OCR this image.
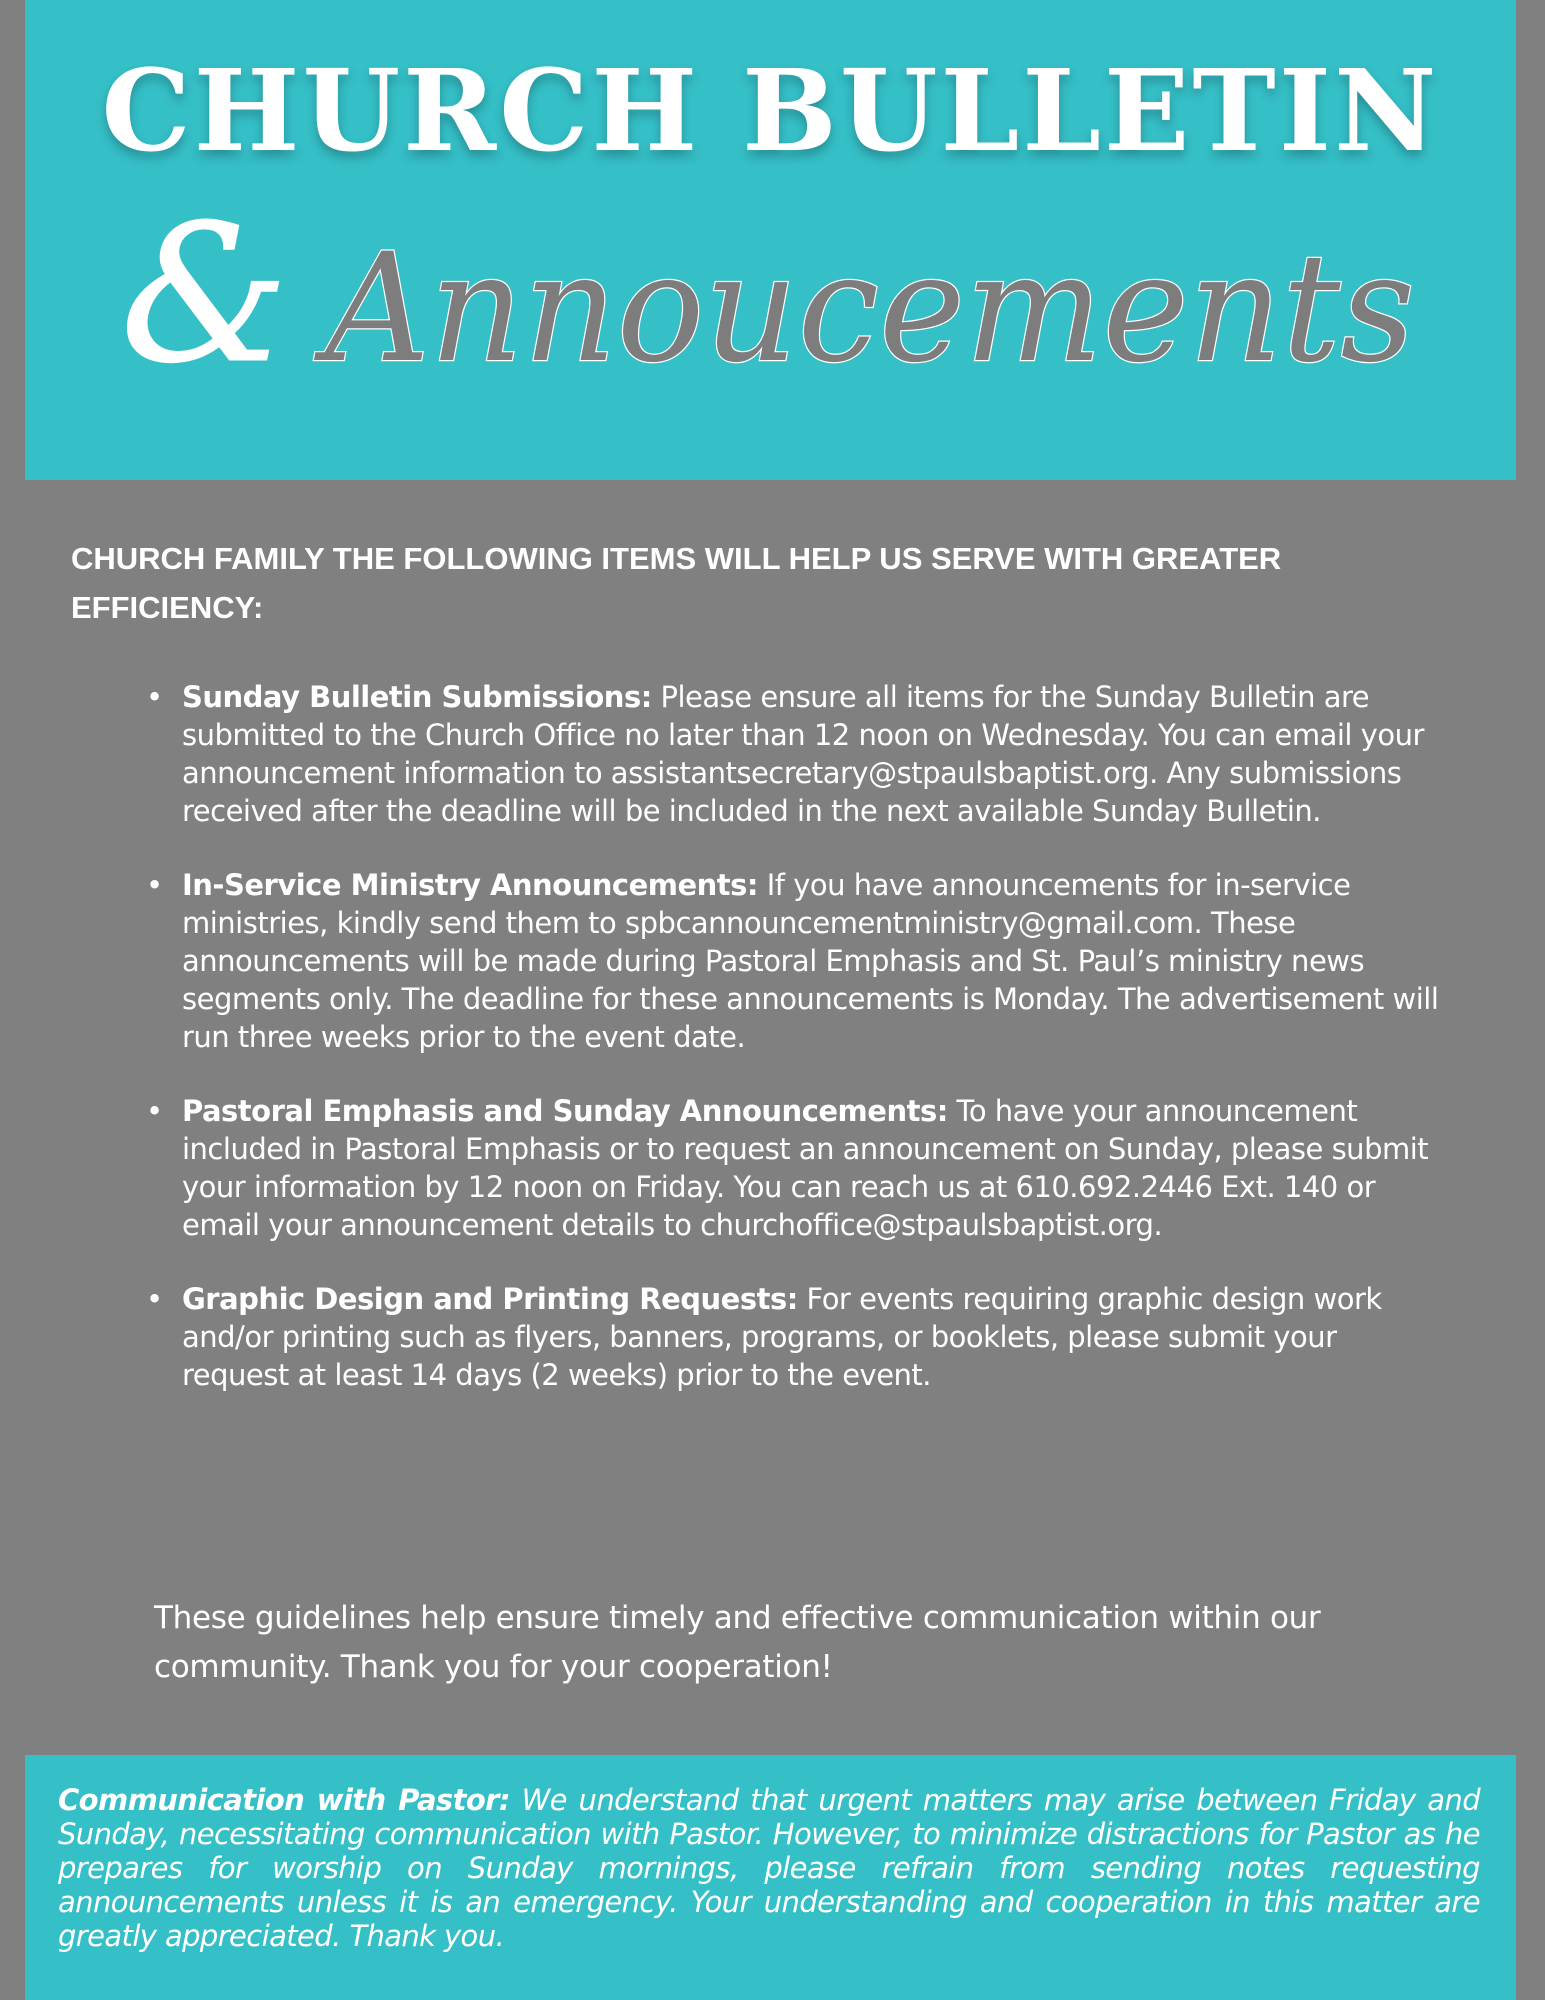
CHURCH BULLETIN
& Annoucements

CHURCH FAMILY THE FOLLOWING ITEMS WILL HELP US SERVE WITH GREATER EFFICIENCY:

• Sunday Bulletin Submissions: Please ensure all items for the Sunday Bulletin are submitted to the Church Office no later than 12 noon on Wednesday. You can email your announcement information to assistantsecretary@stpaulsbaptist.org. Any submissions received after the deadline will be included in the next available Sunday Bulletin.
• In-Service Ministry Announcements: If you have announcements for in-service ministries, kindly send them to spbcannouncementministry@gmail.com. These announcements will be made during Pastoral Emphasis and St. Paul’s ministry news segments only. The deadline for these announcements is Monday. The advertisement will run three weeks prior to the event date.
• Pastoral Emphasis and Sunday Announcements: To have your announcement included in Pastoral Emphasis or to request an announcement on Sunday, please submit your information by 12 noon on Friday. You can reach us at 610.692.2446 Ext. 140 or email your announcement details to churchoffice@stpaulsbaptist.org.
• Graphic Design and Printing Requests: For events requiring graphic design work and/or printing such as flyers, banners, programs, or booklets, please submit your request at least 14 days (2 weeks) prior to the event.

These guidelines help ensure timely and effective communication within our community. Thank you for your cooperation!

Communication with Pastor: We understand that urgent matters may arise between Friday and Sunday, necessitating communication with Pastor. However, to minimize distractions for Pastor as he prepares for worship on Sunday mornings, please refrain from sending notes requesting announcements unless it is an emergency. Your understanding and cooperation in this matter are greatly appreciated. Thank you.
